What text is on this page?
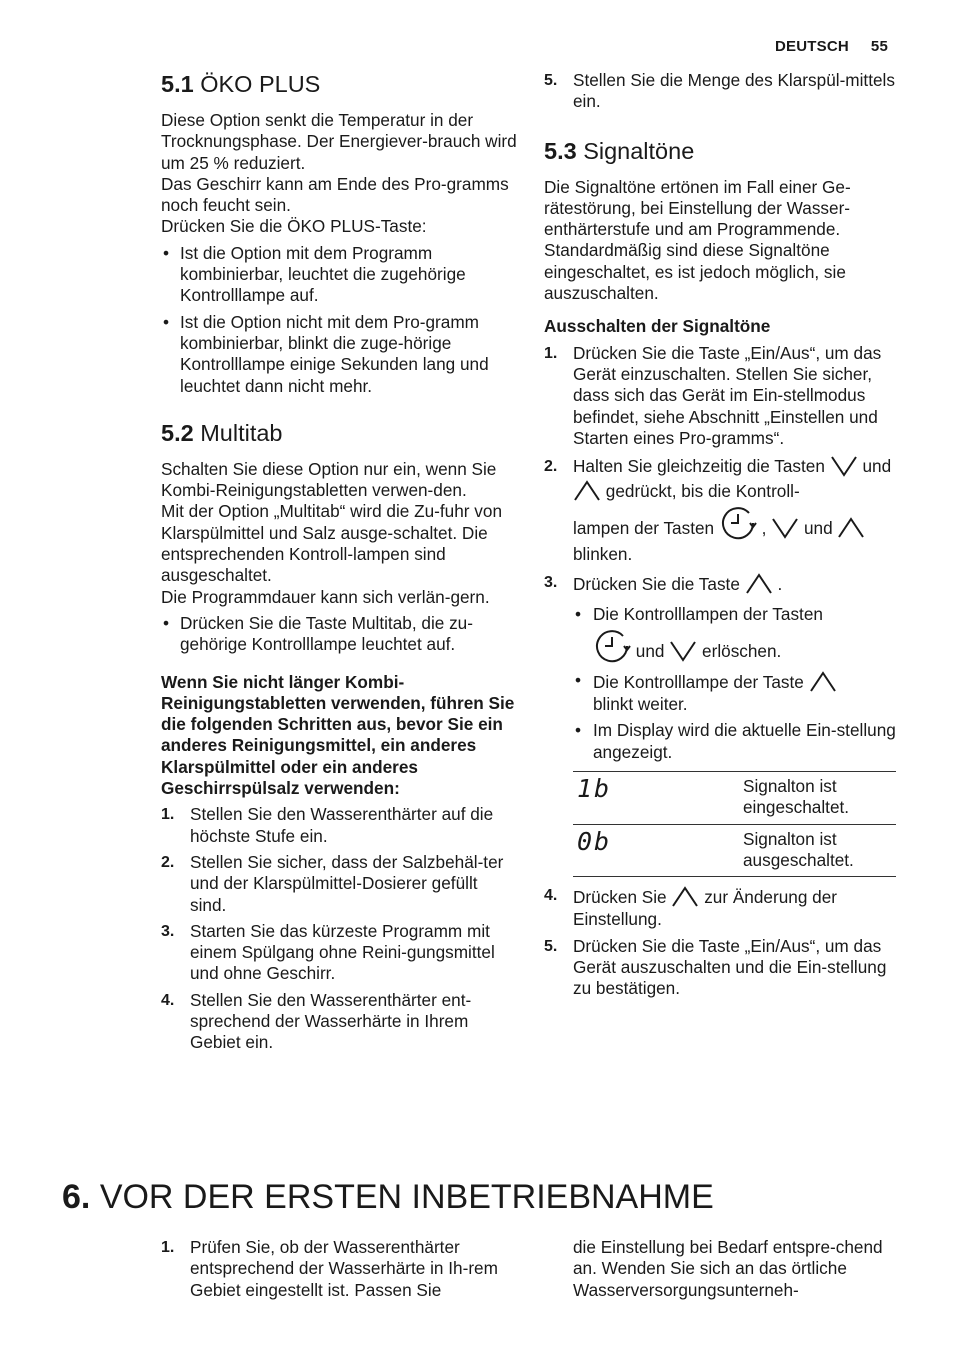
DEUTSCH 55
5.1 ÖKO PLUS

Diese Option senkt die Temperatur in der Trocknungsphase. Der Energiever-brauch wird um 25 % reduziert.

Das Geschirr kann am Ende des Pro-gramms noch feucht sein.

Drücken Sie die ÖKO PLUS-Taste:

• Ist die Option mit dem Programm kombinierbar, leuchtet die zugehörige Kontrolllampe auf.
• Ist die Option nicht mit dem Pro-gramm kombinierbar, blinkt die zuge-hörige Kontrolllampe einige Sekunden lang und leuchtet dann nicht mehr.
5.2 Multitab

Schalten Sie diese Option nur ein, wenn Sie Kombi-Reinigungstabletten verwen-den.

Mit der Option „Multitab“ wird die Zu-fuhr von Klarspülmittel und Salz ausge-schaltet. Die entsprechenden Kontroll-lampen sind ausgeschaltet.

Die Programmdauer kann sich verlän-gern.

• Drücken Sie die Taste Multitab, die zu-gehörige Kontrolllampe leuchtet auf.

Wenn Sie nicht länger Kombi-Reinigungstabletten verwenden, führen Sie die folgenden Schritten aus, bevor Sie ein anderes Reinigungsmittel, ein anderes Klarspülmittel oder ein anderes Geschirrspülsalz verwenden:

1. Stellen Sie den Wasserenthärter auf die höchste Stufe ein.
2. Stellen Sie sicher, dass der Salzbehäl-ter und der Klarspülmittel-Dosierer gefüllt sind.
3. Starten Sie das kürzeste Programm mit einem Spülgang ohne Reini-gungsmittel und ohne Geschirr.
4. Stellen Sie den Wasserenthärter ent-sprechend der Wasserhärte in Ihrem Gebiet ein.
5. Stellen Sie die Menge des Klarspül-mittels ein.
5.3 Signaltöne

Die Signaltöne ertönen im Fall einer Ge-rätestörung, bei Einstellung der Wasser-enthärterstufe und am Programmende. Standardmäßig sind diese Signaltöne eingeschaltet, es ist jedoch möglich, sie auszuschalten.

Ausschalten der Signaltöne

1. Drücken Sie die Taste „Ein/Aus“, um das Gerät einzuschalten. Stellen Sie sicher, dass sich das Gerät im Ein-stellmodus befindet, siehe Abschnitt „Einstellen und Starten eines Pro-gramms“.
2. Halten Sie gleichzeitig die Tasten und  gedrückt, bis die Kontroll-
lampen der Tasten	, und
blinken.
3. Drücken Sie die Taste .
• Die Kontrolllampen der Tasten
und erlöschen.
• Die Kontrolllampe der Taste
blinkt weiter.
• Im Display wird die aktuelle Ein-stellung angezeigt.
1b	Signalton ist eingeschaltet.
0b	Signalton ist ausgeschaltet.
4. Drücken Sie zur Änderung der Einstellung.
5. Drücken Sie die Taste „Ein/Aus“, um das Gerät auszuschalten und die Ein-stellung zu bestätigen.
6. VOR DER ERSTEN INBETRIEBNAHME
1. Prüfen Sie, ob der Wasserenthärter entsprechend der Wasserhärte in Ih-rem Gebiet eingestellt ist. Passen Sie

die Einstellung bei Bedarf entspre-chend an. Wenden Sie sich an das örtliche Wasserversorgungsunterneh-
